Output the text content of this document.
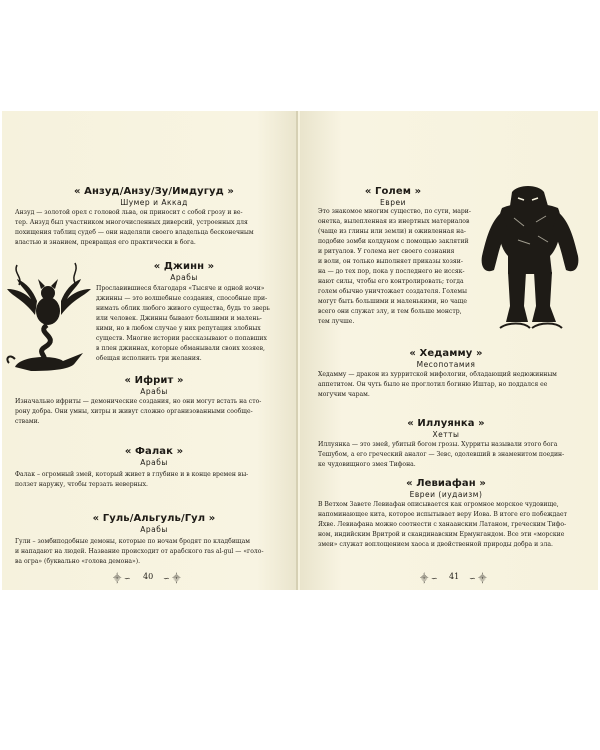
« Анзуд/Анзу/Зу/Имдугуд »
Шумер и Аккад
Анзуд — золотой орел с головой льва, он приносит с собой грозу и ве-
тер. Анзуд был участником многочисленных диверсий, устроенных для
похищения таблиц судеб — они наделяли своего владельца бесконечным
властью и знанием, превращая его практически в бога.
« Джинн »
Арабы
Прославившиеся благодаря «Тысяче и одной ночи»
джинны — это волшебные создания, способные при-
нимать облик любого живого существа, будь то зверь
или человек. Джинны бывают большими и малень-
кими, но в любом случае у них репутация злобных
существ. Многие истории рассказывают о попавших
в плен джиннах, которые обманывали своих хозяев,
обещая исполнить три желания.
« Ифрит »
Арабы
Изначально ифриты — демонические создания, но они могут встать на сто-
рону добра. Они умны, хитры и живут сложно организованными сообще-
ствами.
« Фалак »
Арабы
Фалак – огромный змей, который живет в глубине и в конце времен вы-
ползет наружу, чтобы терзать неверных.
« Гуль/Альгуль/Гул »
Арабы
Гули – зомбиподобные демоны, которые по ночам бродят по кладбищам
и нападают на людей. Название происходит от арабского ras al-gul — «голо-
ва огра» (буквально «голова демона»).
⸎ ∽ 40 ∽ ⸎
« Голем »
Евреи
Это знакомое многим существо, по сути, мари-
онетка, вылепленная из инертных материалов
(чаще из глины или земли) и оживленная на-
подобие зомби колдуном с помощью заклятий
и ритуалов. У голема нет своего сознания
и воли, он только выполняет приказы хозяи-
на — до тех пор, пока у последнего не иссяк-
нают силы, чтобы его контролировать; тогда
голем обычно уничтожает создателя. Големы
могут быть большими и маленькими, но чаще
всего они служат злу, и тем больше монстр,
тем лучше.
« Хедамму »
Месопотамия
Хедамму — дракон из хурритской мифологии, обладающий недюжинным
аппетитом. Он чуть было не проглотил богиню Иштар, но поддался ее
могучим чарам.
« Иллуянка »
Хетты
Иллуянка — это змей, убитый богом грозы. Хурриты называли этого бога
Тешубом, а его греческий аналог — Зевс, одолевший в знаменитом поедин-
ке чудовищного змея Тифона.
« Левиафан »
Евреи (иудаизм)
В Ветхом Завете Левиафан описывается как огромное морское чудовище,
напоминающее кита, которое испытывает веру Иова. В итоге его побеждает
Яхве. Левиафана можно соотнести с ханаанским Латаном, греческим Тифо-
ном, индийским Вритрой и скандинавским Ермунгандом. Все эти «морские
змеи» служат воплощением хаоса и двойственной природы добра и зла.
⸎ ∽ 41 ∽ ⸎
